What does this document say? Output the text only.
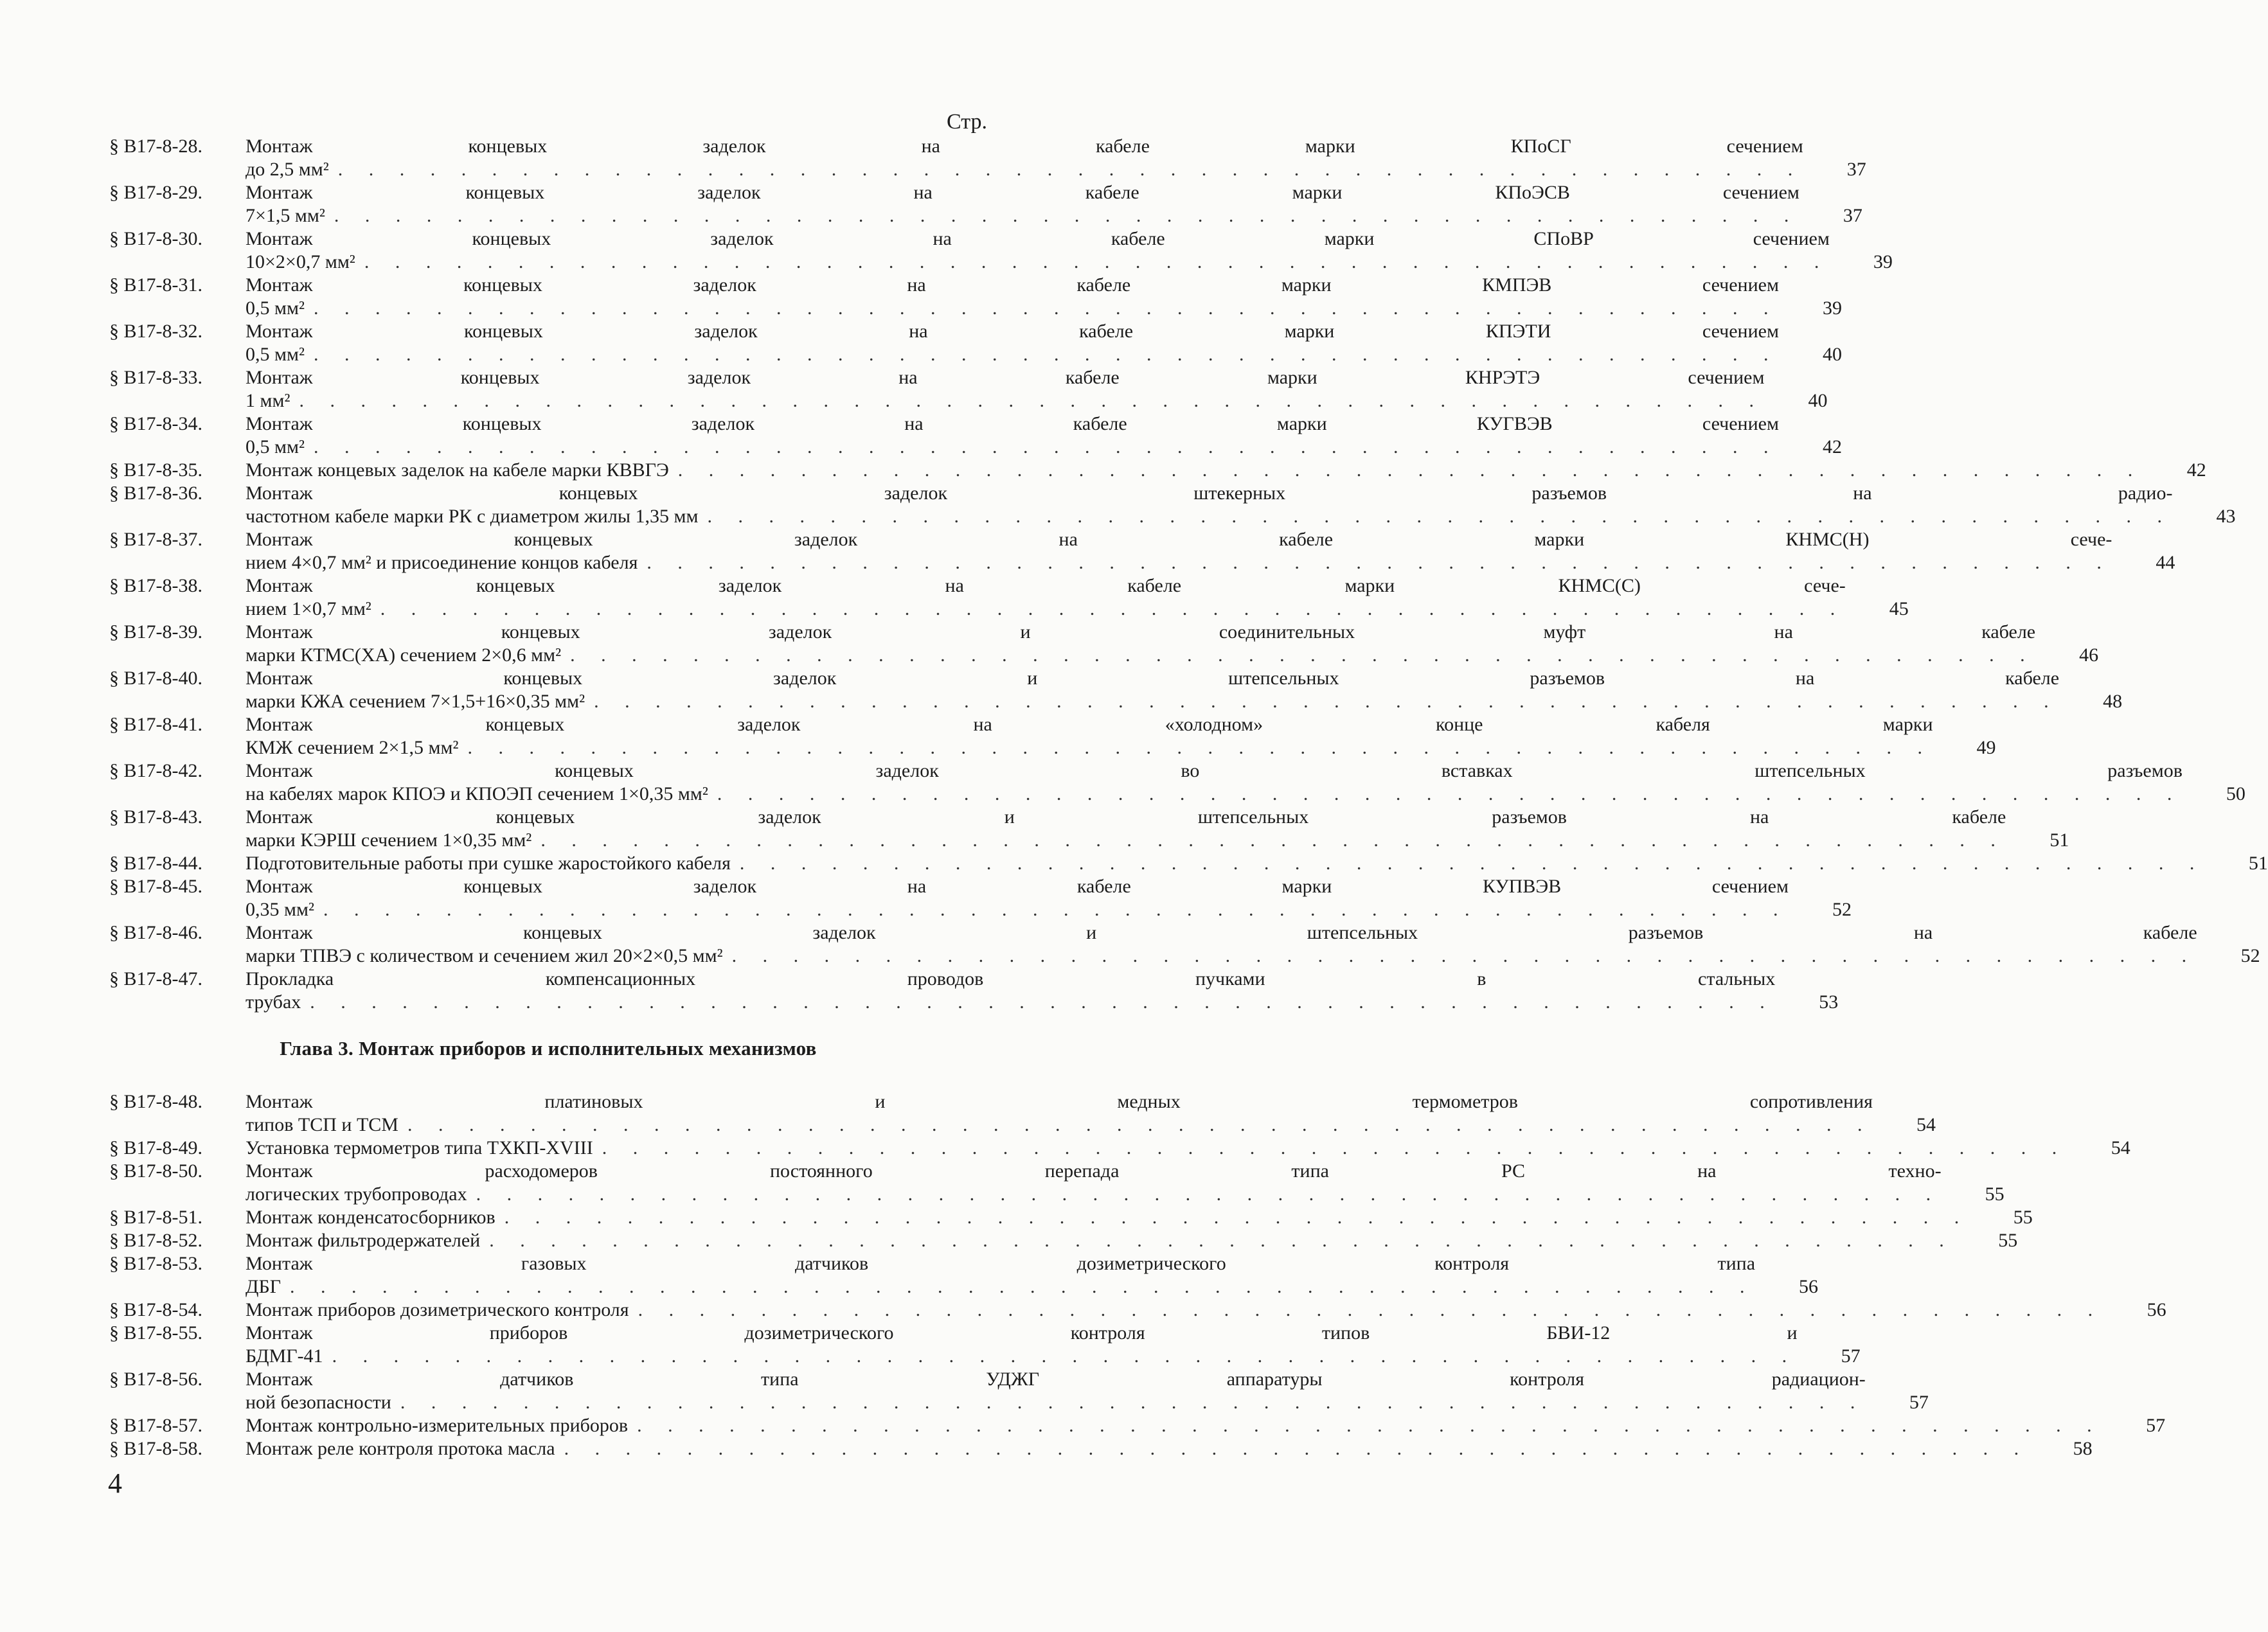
Стр.
§ В17-8-28.	Монтаж концевых заделок на кабеле марки КПоСГ сечением
до 2,5 мм² . . . . . . . . . . . . . . . . . . . . . . . . . . . . . . . . . . . . . . . . . . . . . . . .	37
§ В17-8-29.	Монтаж концевых заделок на кабеле марки КПоЭСВ сечением
7×1,5 мм² . . . . . . . . . . . . . . . . . . . . . . . . . . . . . . . . . . . . . . . . . . . . . . . .	37
§ В17-8-30.	Монтаж концевых заделок на кабеле марки СПоВР сечением
10×2×0,7 мм² . . . . . . . . . . . . . . . . . . . . . . . . . . . . . . . . . . . . . . . . . . . . . . . .	39
§ В17-8-31.	Монтаж концевых заделок на кабеле марки КМПЭВ сечением
0,5 мм² . . . . . . . . . . . . . . . . . . . . . . . . . . . . . . . . . . . . . . . . . . . . . . . .	39
§ В17-8-32.	Монтаж концевых заделок на кабеле марки КПЭТИ сечением
0,5 мм² . . . . . . . . . . . . . . . . . . . . . . . . . . . . . . . . . . . . . . . . . . . . . . . .	40
§ В17-8-33.	Монтаж концевых заделок на кабеле марки КНРЭТЭ сечением
1 мм² . . . . . . . . . . . . . . . . . . . . . . . . . . . . . . . . . . . . . . . . . . . . . . . .	40
§ В17-8-34.	Монтаж концевых заделок на кабеле марки КУГВЭВ сечением
0,5 мм² . . . . . . . . . . . . . . . . . . . . . . . . . . . . . . . . . . . . . . . . . . . . . . . .	42
§ В17-8-35.	Монтаж концевых заделок на кабеле марки КВВГЭ . . . . . . . . . . . . . . . . . . . . . . . . . . . . . . . . . . . . . . . . . . . . . . . .	42
§ В17-8-36.	Монтаж концевых заделок штекерных разъемов на радио-
частотном кабеле марки РК с диаметром жилы 1,35 мм . . . . . . . . . . . . . . . . . . . . . . . . . . . . . . . . . . . . . . . . . . . . . . . .	43
§ В17-8-37.	Монтаж концевых заделок на кабеле марки КНМС(Н) сече-
нием 4×0,7 мм² и присоединение концов кабеля . . . . . . . . . . . . . . . . . . . . . . . . . . . . . . . . . . . . . . . . . . . . . . . .	44
§ В17-8-38.	Монтаж концевых заделок на кабеле марки КНМС(С) сече-
нием 1×0,7 мм² . . . . . . . . . . . . . . . . . . . . . . . . . . . . . . . . . . . . . . . . . . . . . . . .	45
§ В17-8-39.	Монтаж концевых заделок и соединительных муфт на кабеле
марки КТМС(ХА) сечением 2×0,6 мм² . . . . . . . . . . . . . . . . . . . . . . . . . . . . . . . . . . . . . . . . . . . . . . . .	46
§ В17-8-40.	Монтаж концевых заделок и штепсельных разъемов на кабеле
марки КЖА сечением 7×1,5+16×0,35 мм² . . . . . . . . . . . . . . . . . . . . . . . . . . . . . . . . . . . . . . . . . . . . . . . .	48
§ В17-8-41.	Монтаж концевых заделок на «холодном» конце кабеля марки
КМЖ сечением 2×1,5 мм² . . . . . . . . . . . . . . . . . . . . . . . . . . . . . . . . . . . . . . . . . . . . . . . .	49
§ В17-8-42.	Монтаж концевых заделок во вставках штепсельных разъемов
на кабелях марок КПОЭ и КПОЭП сечением 1×0,35 мм² . . . . . . . . . . . . . . . . . . . . . . . . . . . . . . . . . . . . . . . . . . . . . . . .	50
§ В17-8-43.	Монтаж концевых заделок и штепсельных разъемов на кабеле
марки КЭРШ сечением 1×0,35 мм² . . . . . . . . . . . . . . . . . . . . . . . . . . . . . . . . . . . . . . . . . . . . . . . .	51
§ В17-8-44.	Подготовительные работы при сушке жаростойкого кабеля . . . . . . . . . . . . . . . . . . . . . . . . . . . . . . . . . . . . . . . . . . . . . . . .	51
§ В17-8-45.	Монтаж концевых заделок на кабеле марки КУПВЭВ сечением
0,35 мм² . . . . . . . . . . . . . . . . . . . . . . . . . . . . . . . . . . . . . . . . . . . . . . . .	52
§ В17-8-46.	Монтаж концевых заделок и штепсельных разъемов на кабеле
марки ТПВЭ с количеством и сечением жил 20×2×0,5 мм² . . . . . . . . . . . . . . . . . . . . . . . . . . . . . . . . . . . . . . . . . . . . . . . .	52
§ В17-8-47.	Прокладка компенсационных проводов пучками в стальных
трубах . . . . . . . . . . . . . . . . . . . . . . . . . . . . . . . . . . . . . . . . . . . . . . . .	53
Глава 3. Монтаж приборов и исполнительных механизмов
§ В17-8-48.	Монтаж платиновых и медных термометров сопротивления
типов ТСП и ТСМ . . . . . . . . . . . . . . . . . . . . . . . . . . . . . . . . . . . . . . . . . . . . . . . .	54
§ В17-8-49.	Установка термометров типа ТХКП-XVIII . . . . . . . . . . . . . . . . . . . . . . . . . . . . . . . . . . . . . . . . . . . . . . . .	54
§ В17-8-50.	Монтаж расходомеров постоянного перепада типа РС на техно-
логических трубопроводах . . . . . . . . . . . . . . . . . . . . . . . . . . . . . . . . . . . . . . . . . . . . . . . .	55
§ В17-8-51.	Монтаж конденсатосборников . . . . . . . . . . . . . . . . . . . . . . . . . . . . . . . . . . . . . . . . . . . . . . . .	55
§ В17-8-52.	Монтаж фильтродержателей . . . . . . . . . . . . . . . . . . . . . . . . . . . . . . . . . . . . . . . . . . . . . . . .	55
§ В17-8-53.	Монтаж газовых датчиков дозиметрического контроля типа
ДБГ . . . . . . . . . . . . . . . . . . . . . . . . . . . . . . . . . . . . . . . . . . . . . . . .	56
§ В17-8-54.	Монтаж приборов дозиметрического контроля . . . . . . . . . . . . . . . . . . . . . . . . . . . . . . . . . . . . . . . . . . . . . . . .	56
§ В17-8-55.	Монтаж приборов дозиметрического контроля типов БВИ-12 и
БДМГ-41 . . . . . . . . . . . . . . . . . . . . . . . . . . . . . . . . . . . . . . . . . . . . . . . .	57
§ В17-8-56.	Монтаж датчиков типа УДЖГ аппаратуры контроля радиацион-
ной безопасности . . . . . . . . . . . . . . . . . . . . . . . . . . . . . . . . . . . . . . . . . . . . . . . .	57
§ В17-8-57.	Монтаж контрольно-измерительных приборов . . . . . . . . . . . . . . . . . . . . . . . . . . . . . . . . . . . . . . . . . . . . . . . .	57
§ В17-8-58.	Монтаж реле контроля протока масла . . . . . . . . . . . . . . . . . . . . . . . . . . . . . . . . . . . . . . . . . . . . . . . .	58
4
